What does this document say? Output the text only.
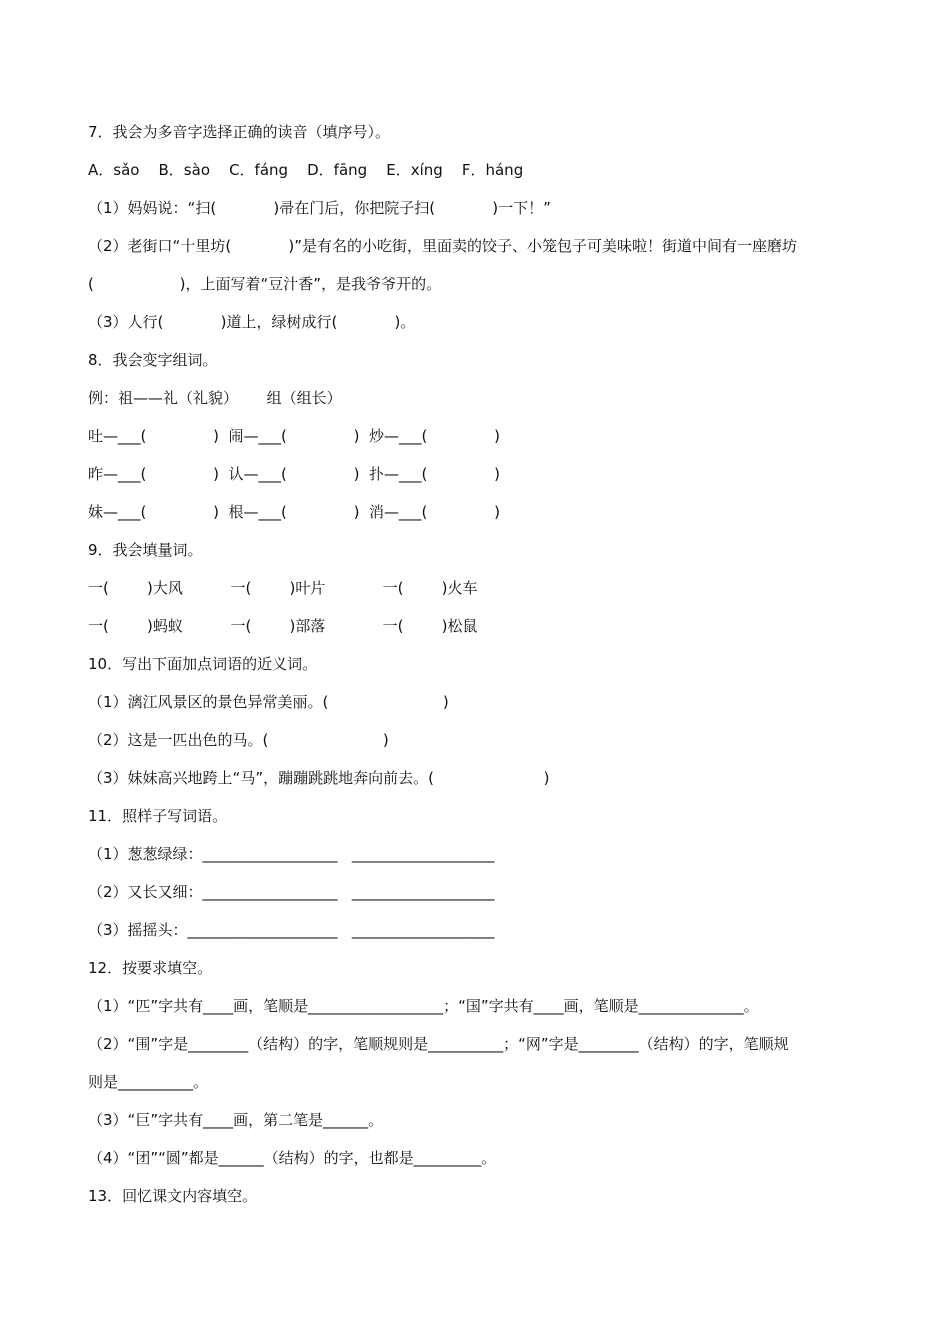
7．我会为多音字选择正确的读音（填序号）。
A．sǎo    B．sào    C．fáng    D．fāng    E．xíng    F．háng
（1）妈妈说：“扫(            )帚在门后，你把院子扫(            )一下！”
（2）老街口“十里坊(            )”是有名的小吃街，里面卖的饺子、小笼包子可美味啦！街道中间有一座磨坊
(                  )，上面写着“豆汁香”，是我爷爷开的。
（3）人行(            )道上，绿树成行(            )。
8．我会变字组词。
例：祖——礼（礼貌）      组（组长）
吐—___(              )  闹—___(              )  炒—___(              )
昨—___(              )  认—___(              )  扑—___(              )
妹—___(              )  根—___(              )  消—___(              )
9．我会填量词。
一(        )大风          一(        )叶片            一(        )火车
一(        )蚂蚁          一(        )部落            一(        )松鼠
10．写出下面加点词语的近义词。
（1）漓江风景区的景色异常美丽。(                        )
（2）这是一匹出色的马。(                        )
（3）妹妹高兴地跨上“马”，蹦蹦跳跳地奔向前去。(                       )
11．照样子写词语。
（1）葱葱绿绿：__________________   ___________________
（2）又长又细：__________________   ___________________
（3）摇摇头：____________________   ___________________
12．按要求填空。
（1）“匹”字共有____画，笔顺是__________________；“国”字共有____画，笔顺是______________。
（2）“围”字是________（结构）的字，笔顺规则是__________；“网”字是________（结构）的字，笔顺规
则是__________。
（3）“巨”字共有____画，第二笔是______。
（4）“团”“圆”都是______（结构）的字，也都是_________。
13．回忆课文内容填空。
